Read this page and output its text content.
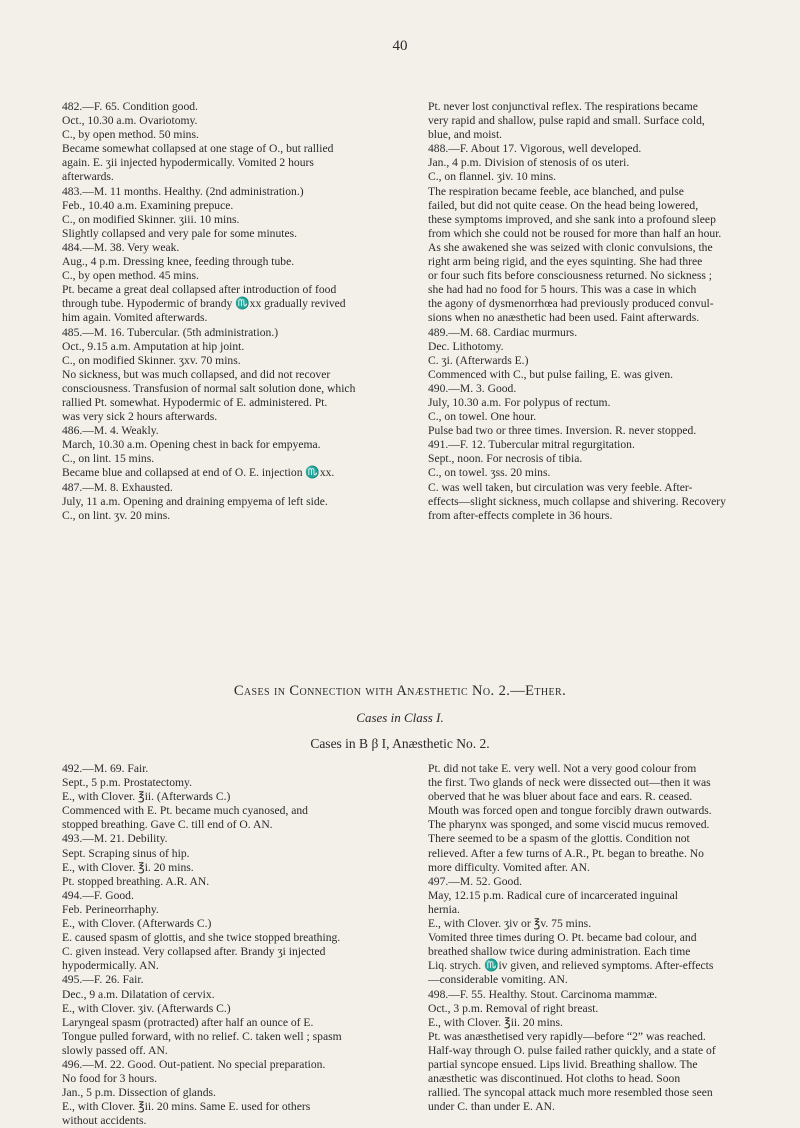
40

482.—F. 65. Condition good.
Oct., 10.30 a.m. Ovariotomy.
C., by open method. 50 mins.
Became somewhat collapsed at one stage of O., but rallied
again. E. ʒii injected hypodermically. Vomited 2 hours
afterwards.

483.—M. 11 months. Healthy. (2nd administration.)
Feb., 10.40 a.m. Examining prepuce.
C., on modified Skinner. ʒiii. 10 mins.
Slightly collapsed and very pale for some minutes.

484.—M. 38. Very weak.
Aug., 4 p.m. Dressing knee, feeding through tube.
C., by open method. 45 mins.
Pt. became a great deal collapsed after introduction of food
through tube. Hypodermic of brandy ♏xx gradually revived
him again. Vomited afterwards.

485.—M. 16. Tubercular. (5th administration.)
Oct., 9.15 a.m. Amputation at hip joint.
C., on modified Skinner. ʒxv. 70 mins.
No sickness, but was much collapsed, and did not recover
consciousness. Transfusion of normal salt solution done, which
rallied Pt. somewhat. Hypodermic of E. administered. Pt.
was very sick 2 hours afterwards.

486.—M. 4. Weakly.
March, 10.30 a.m. Opening chest in back for empyema.
C., on lint. 15 mins.
Became blue and collapsed at end of O. E. injection ♏xx.

487.—M. 8. Exhausted.
July, 11 a.m. Opening and draining empyema of left side.
C., on lint. ʒv. 20 mins.

Pt. never lost conjunctival reflex. The respirations became
very rapid and shallow, pulse rapid and small. Surface cold,
blue, and moist.

488.—F. About 17. Vigorous, well developed.
Jan., 4 p.m. Division of stenosis of os uteri.
C., on flannel. ʒiv. 10 mins.
The respiration became feeble, ace blanched, and pulse
failed, but did not quite cease. On the head being lowered,
these symptoms improved, and she sank into a profound sleep
from which she could not be roused for more than half an hour.
As she awakened she was seized with clonic convulsions, the
right arm being rigid, and the eyes squinting. She had three
or four such fits before consciousness returned. No sickness ;
she had had no food for 5 hours. This was a case in which
the agony of dysmenorrhœa had previously produced convul-
sions when no anæsthetic had been used. Faint afterwards.

489.—M. 68. Cardiac murmurs.
Dec. Lithotomy.
C. ʒi. (Afterwards E.)
Commenced with C., but pulse failing, E. was given.

490.—M. 3. Good.
July, 10.30 a.m. For polypus of rectum.
C., on towel. One hour.
Pulse bad two or three times. Inversion. R. never stopped.

491.—F. 12. Tubercular mitral regurgitation.
Sept., noon. For necrosis of tibia.
C., on towel. ʒss. 20 mins.
C. was well taken, but circulation was very feeble. After-
effects—slight sickness, much collapse and shivering. Recovery
from after-effects complete in 36 hours.

Cases in Connection with Anæsthetic No. 2.—Ether.
Cases in Class I.
Cases in B β I, Anæsthetic No. 2.

492.—M. 69. Fair.
Sept., 5 p.m. Prostatectomy.
E., with Clover. ℥ii. (Afterwards C.)
Commenced with E. Pt. became much cyanosed, and
stopped breathing. Gave C. till end of O. AN.

493.—M. 21. Debility.
Sept. Scraping sinus of hip.
E., with Clover. ℥i. 20 mins.
Pt. stopped breathing. A.R. AN.

494.—F. Good.
Feb. Perineorrhaphy.
E., with Clover. (Afterwards C.)
E. caused spasm of glottis, and she twice stopped breathing.
C. given instead. Very collapsed after. Brandy ʒi injected
hypodermically. AN.

495.—F. 26. Fair.
Dec., 9 a.m. Dilatation of cervix.
E., with Clover. ʒiv. (Afterwards C.)
Laryngeal spasm (protracted) after half an ounce of E.
Tongue pulled forward, with no relief. C. taken well ; spasm
slowly passed off. AN.

496.—M. 22. Good. Out-patient. No special preparation.
No food for 3 hours.
Jan., 5 p.m. Dissection of glands.
E., with Clover. ℥ii. 20 mins. Same E. used for others
without accidents.

Pt. did not take E. very well. Not a very good colour from
the first. Two glands of neck were dissected out—then it was
oberved that he was bluer about face and ears. R. ceased.
Mouth was forced open and tongue forcibly drawn outwards.
The pharynx was sponged, and some viscid mucus removed.
There seemed to be a spasm of the glottis. Condition not
relieved. After a few turns of A.R., Pt. began to breathe. No
more difficulty. Vomited after. AN.

497.—M. 52. Good.
May, 12.15 p.m. Radical cure of incarcerated inguinal
hernia.
E., with Clover. ʒiv or ℥v. 75 mins.
Vomited three times during O. Pt. became bad colour, and
breathed shallow twice during administration. Each time
Liq. strych. ♏iv given, and relieved symptoms. After-effects
—considerable vomiting. AN.

498.—F. 55. Healthy. Stout. Carcinoma mammæ.
Oct., 3 p.m. Removal of right breast.
E., with Clover. ℥ii. 20 mins.
Pt. was anæsthetised very rapidly—before “2” was reached.
Half-way through O. pulse failed rather quickly, and a state of
partial syncope ensued. Lips livid. Breathing shallow. The
anæsthetic was discontinued. Hot cloths to head. Soon
rallied. The syncopal attack much more resembled those seen
under C. than under E. AN.
